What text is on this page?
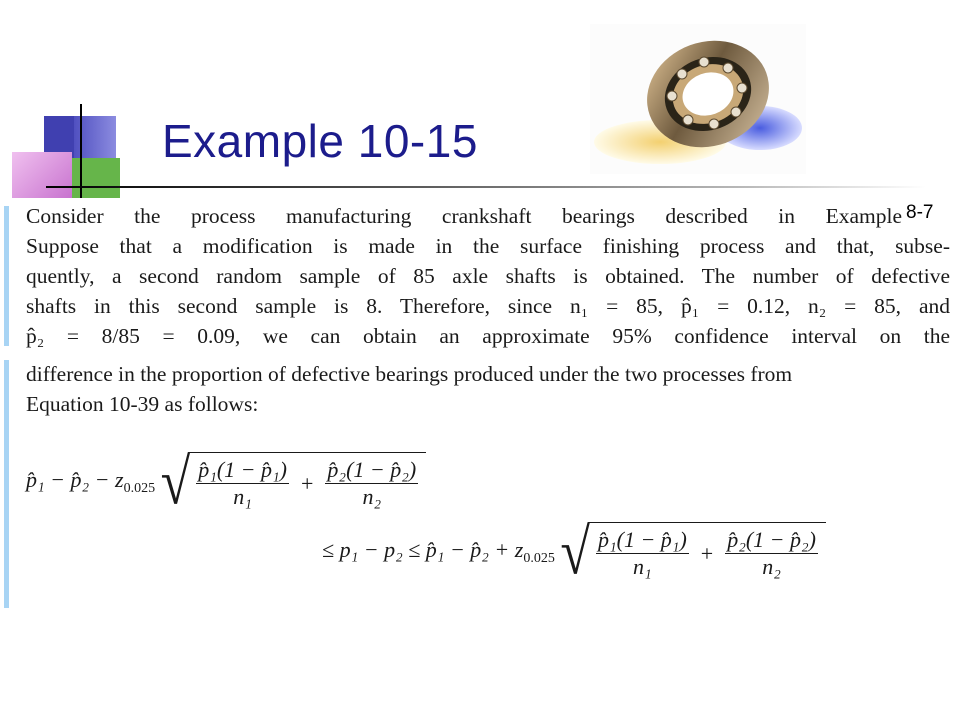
Example 10-15
8-7
Consider the process manufacturing crankshaft bearings described in Example
Suppose that a modification is made in the surface finishing process and that, subse-
quently, a second random sample of 85 axle shafts is obtained. The number of defective
shafts in this second sample is 8. Therefore, since n₁ = 85, p̂₁ = 0.12, n₂ = 85, and
p̂₂ = 8/85 = 0.09, we can obtain an approximate 95% confidence interval on the
difference in the proportion of defective bearings produced under the two processes from
Equation 10-39 as follows:
p̂₁ − p̂₂ − $z_{0.025}$ √ $\frac{\text{p̂₁(1 − p̂₁)}}{\text{n₁}} + \frac{\text{p̂₂(1 − p̂₂)}}{\text{n₂}}$
≤ p₁ − p₂ ≤ p̂₁ − p̂₂ + $z_{0.025}$ √ $\frac{\text{p̂₁(1 − p̂₁)}}{\text{n₁}} + \frac{\text{p̂₂(1 − p̂₂)}}{\text{n₂}}$
